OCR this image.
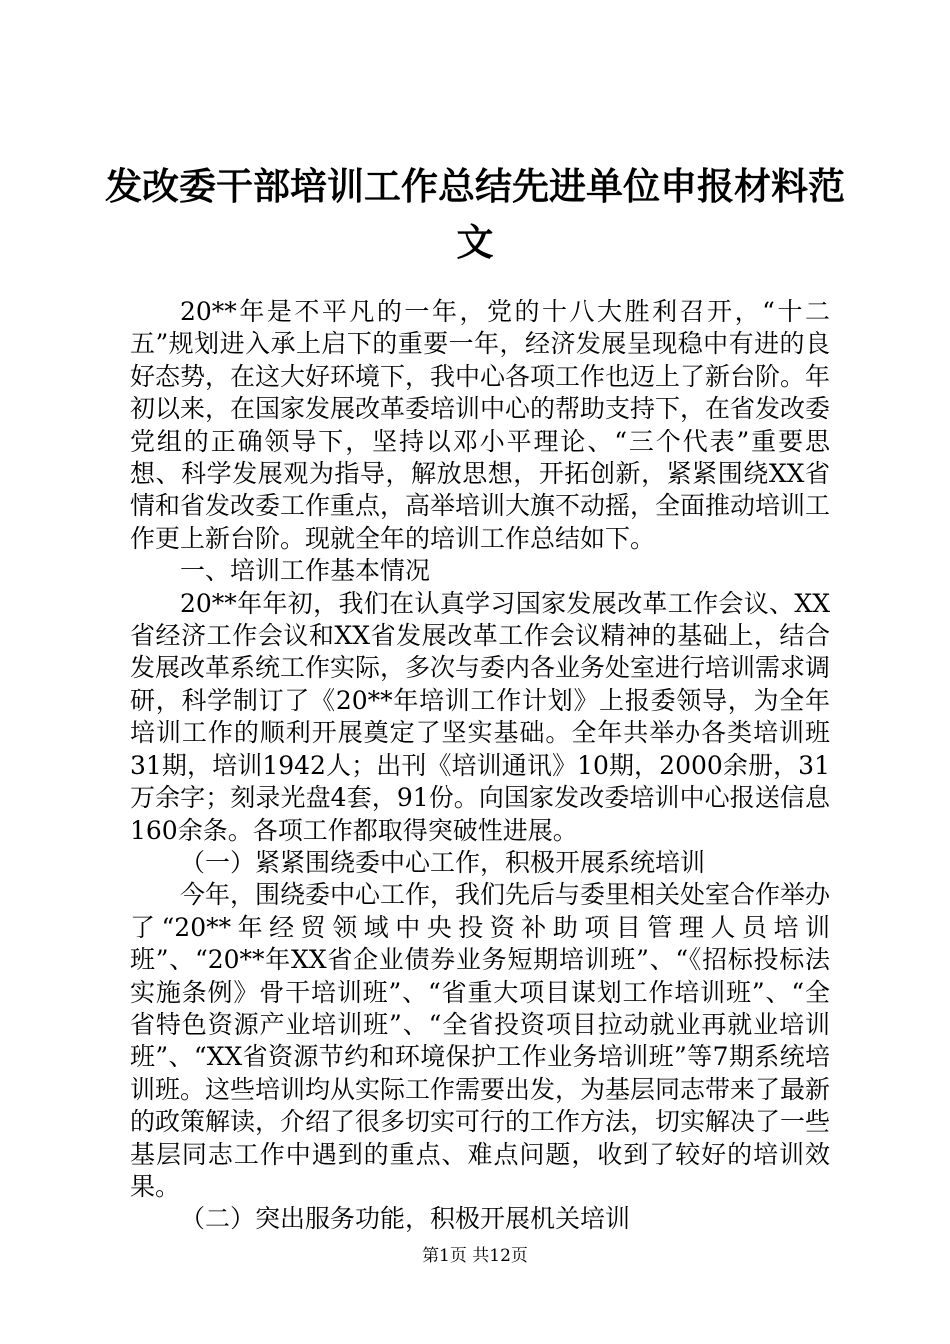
发改委干部培训工作总结先进单位申报材料范
文

20**年是不平凡的一年，党的十八大胜利召开，“十二五”规划进入承上启下的重要一年，经济发展呈现稳中有进的良好态势，在这大好环境下，我中心各项工作也迈上了新台阶。年初以来，在国家发展改革委培训中心的帮助支持下，在省发改委党组的正确领导下，坚持以邓小平理论、“三个代表”重要思想、科学发展观为指导，解放思想，开拓创新，紧紧围绕XX省情和省发改委工作重点，高举培训大旗不动摇，全面推动培训工作更上新台阶。现就全年的培训工作总结如下。

一、培训工作基本情况

20**年年初，我们在认真学习国家发展改革工作会议、XX省经济工作会议和XX省发展改革工作会议精神的基础上，结合发展改革系统工作实际，多次与委内各业务处室进行培训需求调研，科学制订了《20**年培训工作计划》上报委领导，为全年培训工作的顺利开展奠定了坚实基础。全年共举办各类培训班31期，培训1942人；出刊《培训通讯》10期，2000余册，31万余字；刻录光盘4套，91份。向国家发改委培训中心报送信息160余条。各项工作都取得突破性进展。

（一）紧紧围绕委中心工作，积极开展系统培训

今年，围绕委中心工作，我们先后与委里相关处室合作举办了“20**年经贸领域中央投资补助项目管理人员培训班”、“20**年XX省企业债券业务短期培训班”、“《招标投标法实施条例》骨干培训班”、“省重大项目谋划工作培训班”、“全省特色资源产业培训班”、“全省投资项目拉动就业再就业培训班”、“XX省资源节约和环境保护工作业务培训班”等7期系统培训班。这些培训均从实际工作需要出发，为基层同志带来了最新的政策解读，介绍了很多切实可行的工作方法，切实解决了一些基层同志工作中遇到的重点、难点问题，收到了较好的培训效果。

（二）突出服务功能，积极开展机关培训

第1页 共12页
